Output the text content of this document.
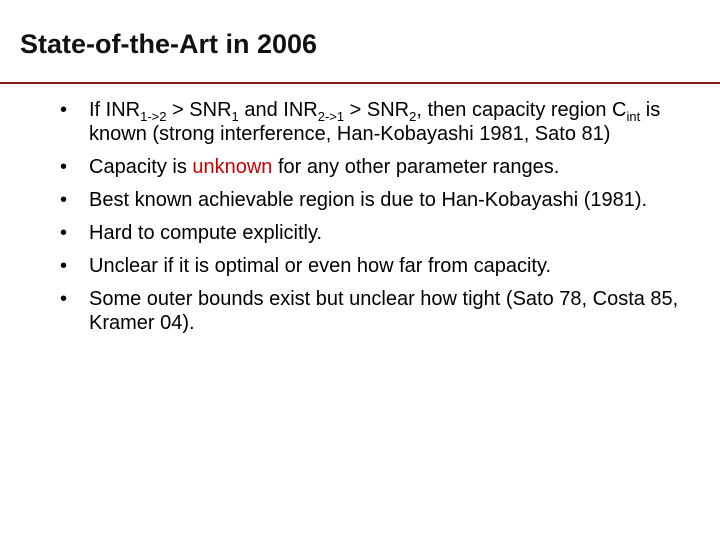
State-of-the-Art in 2006
•	If $INR_{1->2} > SNR_1$ and $INR_{2->1} > SNR_2$, then capacity region $C_{int}$ is known (strong interference, Han-Kobayashi 1981, Sato 81)
•	Capacity is unknown for any other parameter ranges.
•	Best known achievable region is due to Han-Kobayashi (1981).
•	Hard to compute explicitly.
•	Unclear if it is optimal or even how far from capacity.
•	Some outer bounds exist but unclear how tight (Sato 78, Costa 85, Kramer 04).
